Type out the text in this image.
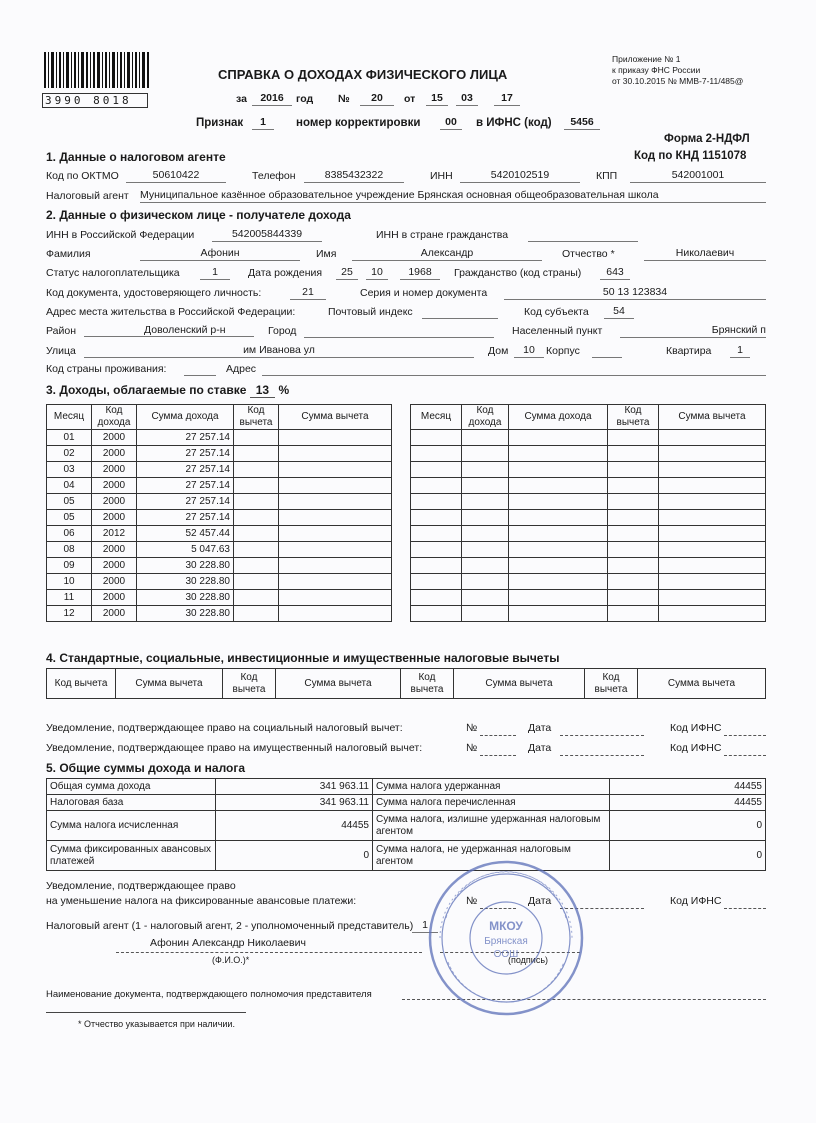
3990 8018
Приложение № 1
к приказу ФНС России
от 30.10.2015 № ММВ-7-11/485@
СПРАВКА О ДОХОДАХ ФИЗИЧЕСКОГО ЛИЦА
за	2016	год №	20	от	15	03	17
Признак	1	номер корректировки	00	в ИФНС (код)	5456
Форма 2-НДФЛ
Код по КНД 1151078
1. Данные о налоговом агенте
Код по ОКТМО	50610422	Телефон	8385432322	ИНН	5420102519	КПП	542001001
Налоговый агент Муниципальное казённое образовательное учреждение Брянская основная общеобразовательная школа
2. Данные о физическом лице - получателе дохода
ИНН в Российской Федерации	542005844339	ИНН в стране гражданства
Фамилия	Афонин	Имя	Александр	Отчество *	Николаевич
Статус налогоплательщика	1	Дата рождения	25	10	1968	Гражданство (код страны)	643
Код документа, удостоверяющего личность:	21	Серия и номер документа	50 13 123834
Адрес места жительства в Российской Федерации:	Почтовый индекс	Код субъекта	54
Район	Доволенский р-н	Город	Населенный пункт	Брянский п
Улица	им Иванова ул	Дом	10	Корпус	Квартира	1
Код страны проживания:	Адрес
3. Доходы, облагаемые по ставке 13 %
Месяц	Код дохода	Сумма дохода	Код вычета	Сумма вычета
01	2000	27 257.14		
02	2000	27 257.14		
03	2000	27 257.14		
04	2000	27 257.14		
05	2000	27 257.14		
05	2000	27 257.14		
06	2012	52 457.44		
08	2000	5 047.63		
09	2000	30 228.80		
10	2000	30 228.80		
11	2000	30 228.80		
12	2000	30 228.80		
Месяц	Код дохода	Сумма дохода	Код вычета	Сумма вычета

4. Стандартные, социальные, инвестиционные и имущественные налоговые вычеты
Код вычета	Сумма вычета	Код вычета	Сумма вычета	Код вычета	Сумма вычета	Код вычета	Сумма вычета
Уведомление, подтверждающее право на социальный налоговый вычет:	№	Дата	Код ИФНС
Уведомление, подтверждающее право на имущественный налоговый вычет:	№	Дата	Код ИФНС
5. Общие суммы дохода и налога
Общая сумма дохода	341 963.11	Сумма налога удержанная	44455
Налоговая база	341 963.11	Сумма налога перечисленная	44455
Сумма налога исчисленная	44455	Сумма налога, излишне удержанная налоговым агентом	0
Сумма фиксированных авансовых платежей	0	Сумма налога, не удержанная налоговым агентом	0
Уведомление, подтверждающее право
на уменьшение налога на фиксированные авансовые платежи:	№	Дата	Код ИФНС
Налоговый агент (1 - налоговый агент, 2 - уполномоченный представитель) 1
Афонин Александр Николаевич
(Ф.И.О.)*	(подпись)
Наименование документа, подтверждающего полномочия представителя
* Отчество указывается при наличии.
МКОУ
Брянская
ООШ
